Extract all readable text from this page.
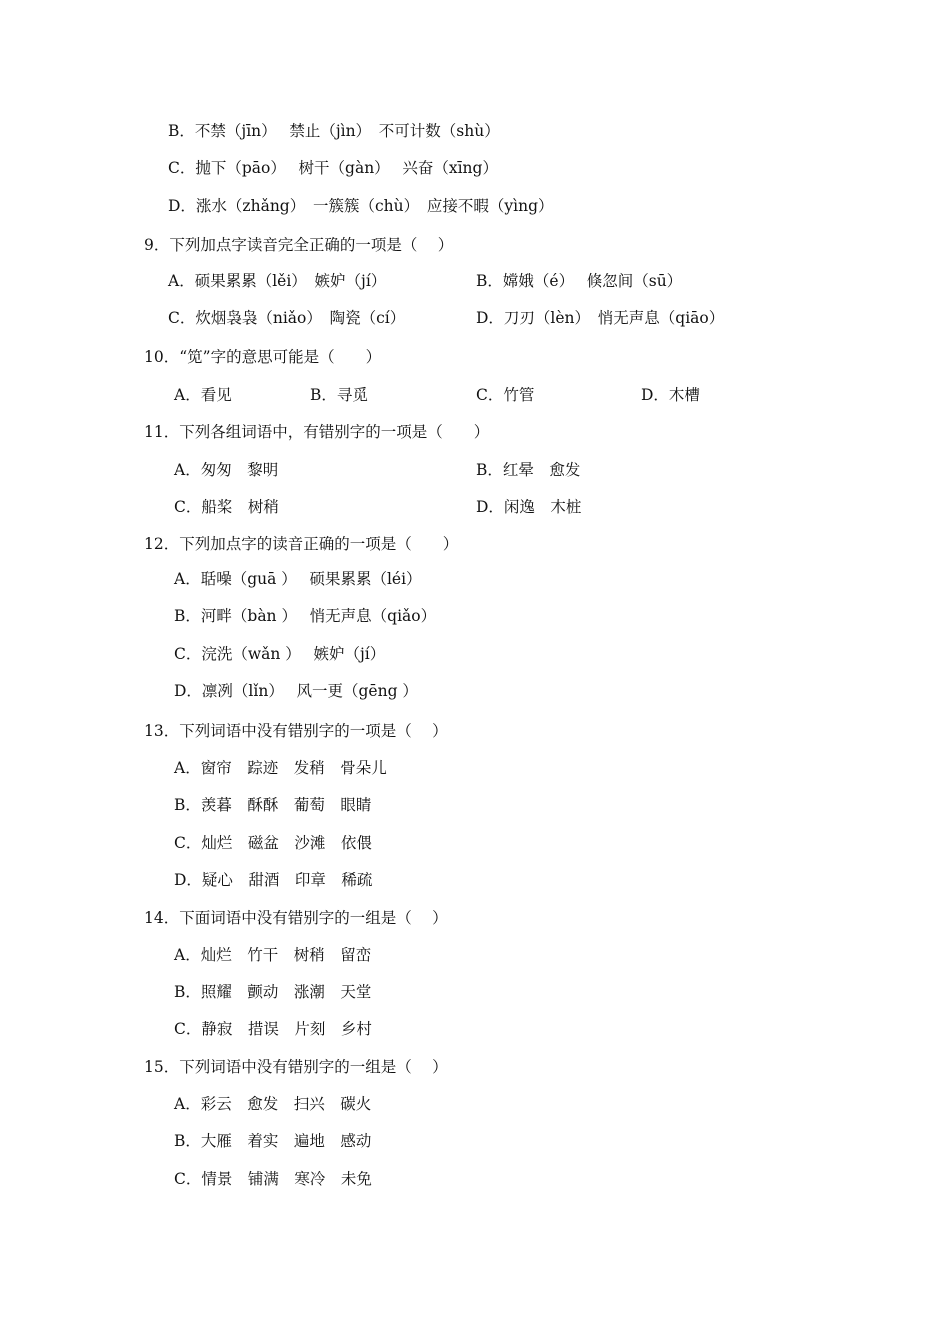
B．不禁（jīn）　 禁止（jìn）　不可计数（shù）
C．抛下（pāo）　 树干（gàn）　 兴奋（xīng）
D．涨水（zhǎng）　一簇簇（chù）　应接不暇（yìng）
9．下列加点字读音完全正确的一项是（　 ）
A．硕果累累（lěi）　嫉妒（jí）	B．嫦娥（é）　 倏忽间（sū）
C．炊烟袅袅（niǎo）　陶瓷（cí）	D．刀刃（lèn）　悄无声息（qiāo）
10．“笕”字的意思可能是（　　）
A．看见	B．寻觅	C．竹管	D．木槽
11．下列各组词语中，有错别字的一项是（　　）
A．匆匆　黎明	B．红晕　愈发
C．船桨　树稍	D．闲逸　木桩
12．下列加点字的读音正确的一项是（　　）
A．聒噪（guā ）　 硕果累累（léi）
B．河畔（bàn ）　 悄无声息（qiǎo）
C．浣洗（wǎn ）　 嫉妒（jí）
D．凛冽（lǐn）　 风一更（gēng ）
13．下列词语中没有错别字的一项是（　 ）
A．窗帘　踪迹　发稍　骨朵儿
B．羡暮　酥酥　葡萄　眼睛
C．灿烂　磁盆　沙滩　依偎
D．疑心　甜酒　印章　稀疏
14．下面词语中没有错别字的一组是（　 ）
A．灿烂　竹干　树稍　留峦
B．照耀　颤动　涨潮　天堂
C．静寂　措误　片刻　乡村
15．下列词语中没有错别字的一组是（　 ）
A．彩云　愈发　扫兴　碳火
B．大雁　着实　遍地　感动
C．情景　铺满　寒冷　未免
